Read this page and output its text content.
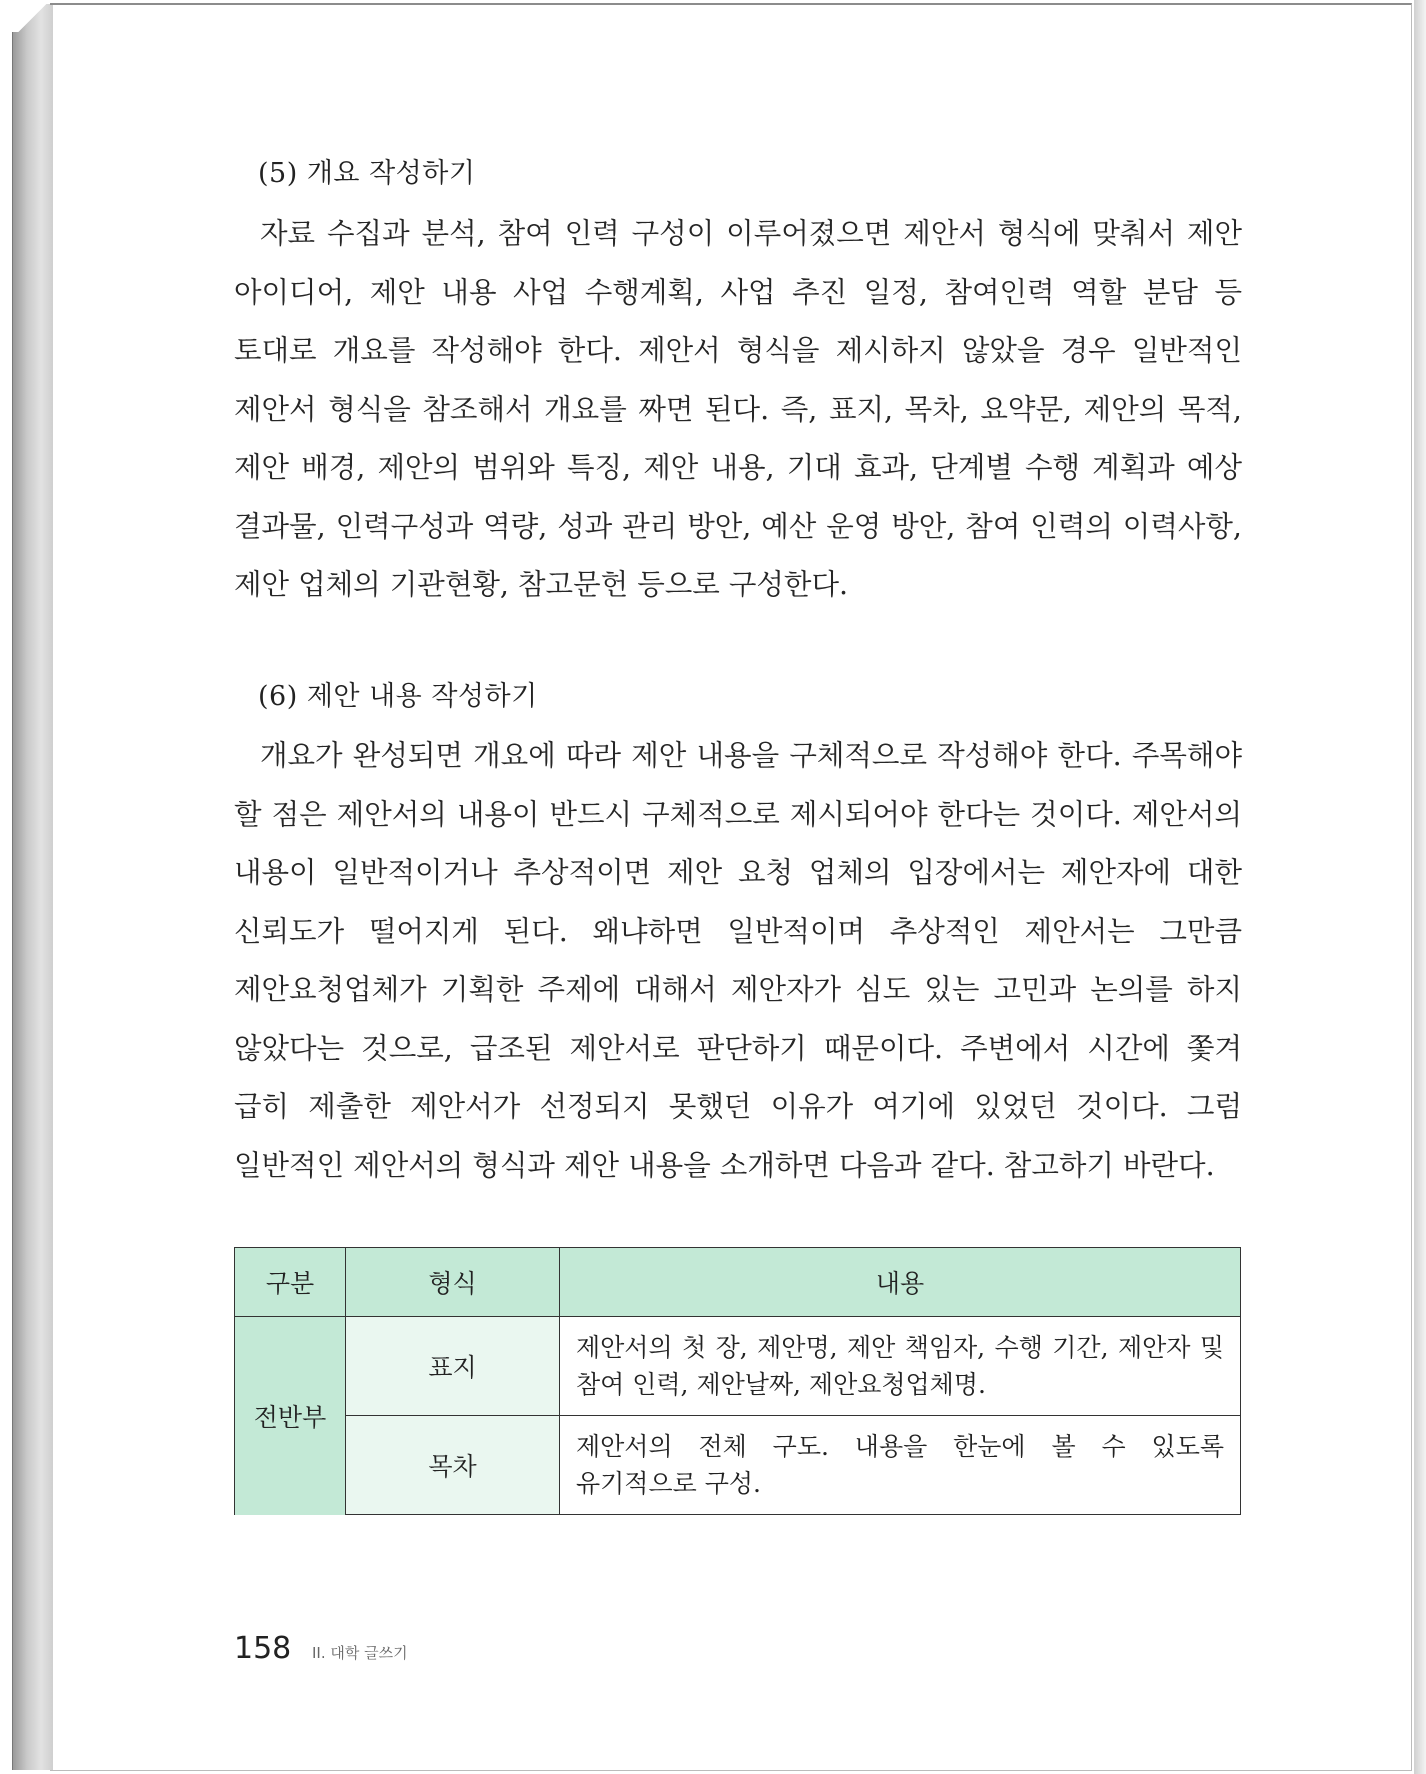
(5) 개요 작성하기

자료 수집과 분석, 참여 인력 구성이 이루어졌으면 제안서 형식에 맞춰서 제안 아이디어, 제안 내용 사업 수행계획, 사업 추진 일정, 참여인력 역할 분담 등 토대로 개요를 작성해야 한다. 제안서 형식을 제시하지 않았을 경우 일반적인 제안서 형식을 참조해서 개요를 짜면 된다. 즉, 표지, 목차, 요약문, 제안의 목적, 제안 배경, 제안의 범위와 특징, 제안 내용, 기대 효과, 단계별 수행 계획과 예상 결과물, 인력구성과 역량, 성과 관리 방안, 예산 운영 방안, 참여 인력의 이력사항, 제안 업체의 기관현황, 참고문헌 등으로 구성한다.

(6) 제안 내용 작성하기

개요가 완성되면 개요에 따라 제안 내용을 구체적으로 작성해야 한다. 주목해야 할 점은 제안서의 내용이 반드시 구체적으로 제시되어야 한다는 것이다. 제안서의 내용이 일반적이거나 추상적이면 제안 요청 업체의 입장에서는 제안자에 대한 신뢰도가 떨어지게 된다. 왜냐하면 일반적이며 추상적인 제안서는 그만큼 제안요청업체가 기획한 주제에 대해서 제안자가 심도 있는 고민과 논의를 하지 않았다는 것으로, 급조된 제안서로 판단하기 때문이다. 주변에서 시간에 쫓겨 급히 제출한 제안서가 선정되지 못했던 이유가 여기에 있었던 것이다. 그럼 일반적인 제안서의 형식과 제안 내용을 소개하면 다음과 같다. 참고하기 바란다.

구분	형식	내용
전반부	표지	제안서의 첫 장, 제안명, 제안 책임자, 수행 기간, 제안자 및 참여 인력, 제안날짜, 제안요청업체명.
	목차	제안서의 전체 구도. 내용을 한눈에 볼 수 있도록 유기적으로 구성.
158 II. 대학 글쓰기
